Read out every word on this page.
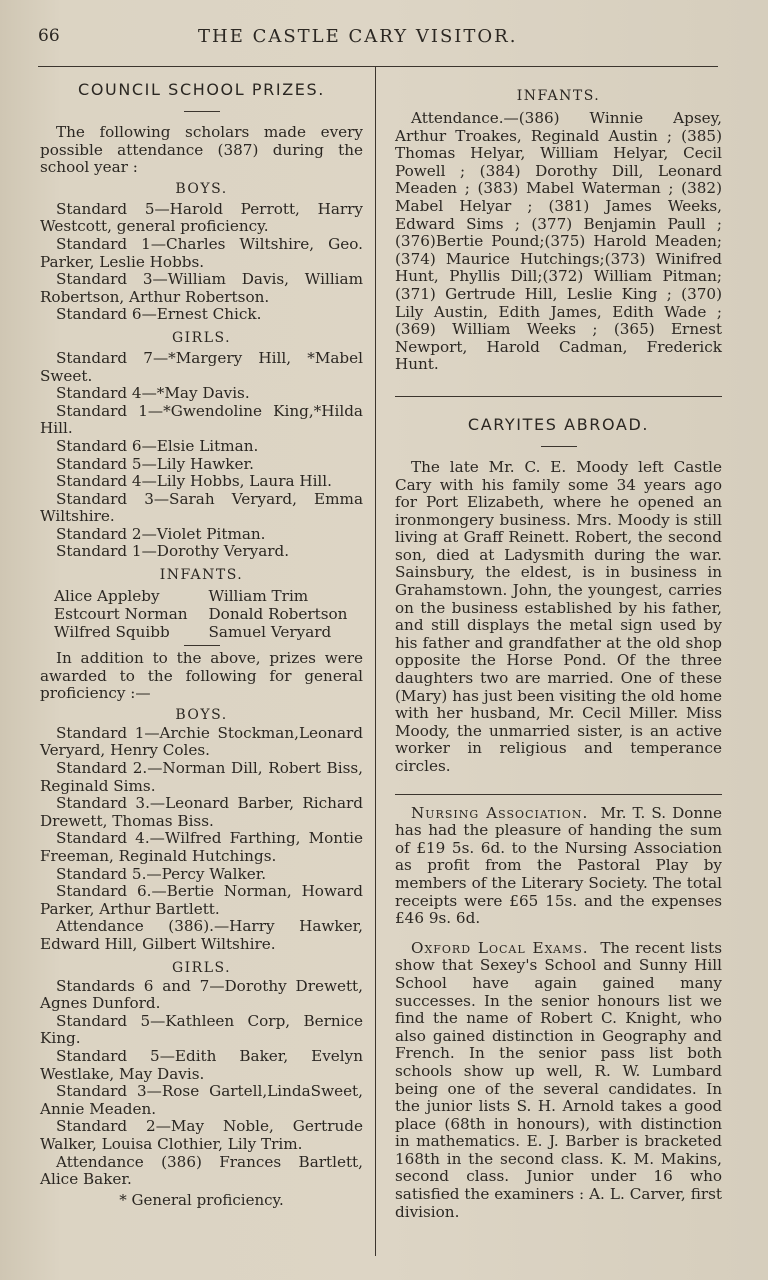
66	THE CASTLE CARY VISITOR.

COUNCIL SCHOOL PRIZES.

The following scholars made every possible attendance (387) during the school year :

BOYS.

Standard 5—Harold Perrott, Harry Westcott, general proficiency.

Standard 1—Charles Wiltshire, Geo. Parker, Leslie Hobbs.

Standard 3—William Davis, William Robertson, Arthur Robertson.

Standard 6—Ernest Chick.

GIRLS.

Standard 7—*Margery Hill, *Mabel Sweet.

Standard 4—*May Davis.

Standard 1—*Gwendoline King,*Hilda Hill.

Standard 6—Elsie Litman.

Standard 5—Lily Hawker.

Standard 4—Lily Hobbs, Laura Hill.

Standard 3—Sarah Veryard, Emma Wiltshire.

Standard 2—Violet Pitman.

Standard 1—Dorothy Veryard.

INFANTS.

Alice Appleby	William Trim
Estcourt Norman	Donald Robertson
Wilfred Squibb	Samuel Veryard

In addition to the above, prizes were awarded to the following for general proficiency :—

BOYS.

Standard 1—Archie Stockman,Leonard Veryard, Henry Coles.

Standard 2.—Norman Dill, Robert Biss, Reginald Sims.

Standard 3.—Leonard Barber, Richard Drewett, Thomas Biss.

Standard 4.—Wilfred Farthing, Montie Freeman, Reginald Hutchings.

Standard 5.—Percy Walker.

Standard 6.—Bertie Norman, Howard Parker, Arthur Bartlett.

Attendance (386).—Harry Hawker, Edward Hill, Gilbert Wiltshire.

GIRLS.

Standards 6 and 7—Dorothy Drewett, Agnes Dunford.

Standard 5—Kathleen Corp, Bernice King.

Standard 5—Edith Baker, Evelyn Westlake, May Davis.

Standard 3—Rose Gartell,LindaSweet, Annie Meaden.

Standard 2—May Noble, Gertrude Walker, Louisa Clothier, Lily Trim.

Attendance (386) Frances Bartlett, Alice Baker.

* General proficiency.

INFANTS.

Attendance.—(386) Winnie Apsey, Arthur Troakes, Reginald Austin ; (385) Thomas Helyar, William Helyar, Cecil Powell ; (384) Dorothy Dill, Leonard Meaden ; (383) Mabel Waterman ; (382) Mabel Helyar ; (381) James Weeks, Edward Sims ; (377) Benjamin Paull ; (376)Bertie Pound;(375) Harold Meaden; (374) Maurice Hutchings;(373) Winifred Hunt, Phyllis Dill;(372) William Pitman; (371) Gertrude Hill, Leslie King ; (370) Lily Austin, Edith James, Edith Wade ; (369) William Weeks ; (365) Ernest Newport, Harold Cadman, Frederick Hunt.

CARYITES ABROAD.

The late Mr. C. E. Moody left Castle Cary with his family some 34 years ago for Port Elizabeth, where he opened an ironmongery business. Mrs. Moody is still living at Graff Reinett. Robert, the second son, died at Ladysmith during the war. Sainsbury, the eldest, is in business in Grahamstown. John, the youngest, carries on the business established by his father, and still displays the metal sign used by his father and grandfather at the old shop opposite the Horse Pond. Of the three daughters two are married. One of these (Mary) has just been visiting the old home with her husband, Mr. Cecil Miller. Miss Moody, the unmarried sister, is an active worker in religious and temperance circles.

Nursing Association. Mr. T. S. Donne has had the pleasure of handing the sum of £19 5s. 6d. to the Nursing Association as profit from the Pastoral Play by members of the Literary Society. The total receipts were £65 15s. and the expenses £46 9s. 6d.

Oxford Local Exams. The recent lists show that Sexey's School and Sunny Hill School have again gained many successes. In the senior honours list we find the name of Robert C. Knight, who also gained distinction in Geography and French. In the senior pass list both schools show up well, R. W. Lumbard being one of the several candidates. In the junior lists S. H. Arnold takes a good place (68th in honours), with distinction in mathematics. E. J. Barber is bracketed 168th in the second class. K. M. Makins, second class. Junior under 16 who satisfied the examiners : A. L. Carver, first division.
